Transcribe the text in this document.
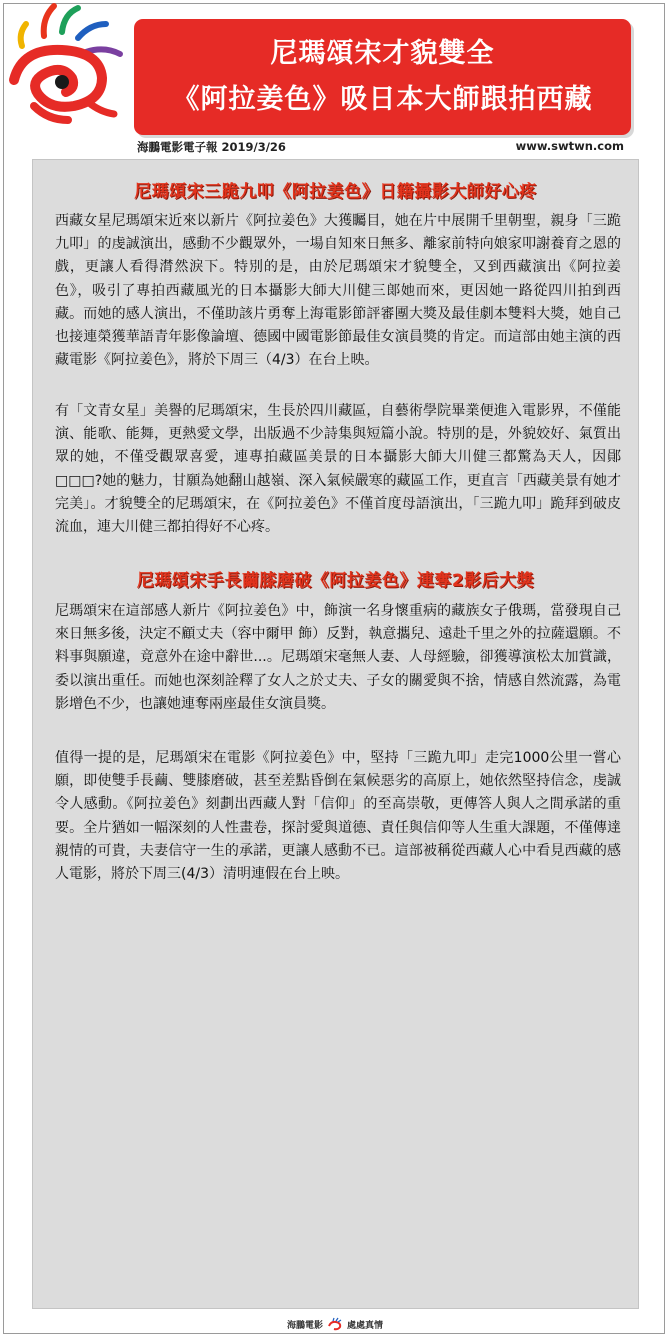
尼瑪頌宋才貌雙全
《阿拉姜色》吸日本大師跟拍西藏
海鵬電影電子報 2019/3/26	www.swtwn.com
尼瑪頌宋三跪九叩《阿拉姜色》日籍攝影大師好心疼

西藏女星尼瑪頌宋近來以新片《阿拉姜色》大獲矚目，她在片中展開千里朝聖，親身「三跪九叩」的虔誠演出，感動不少觀眾外，一場自知來日無多、離家前特向娘家叩謝養育之恩的戲，更讓人看得潸然淚下。特別的是，由於尼瑪頌宋才貌雙全，又到西藏演出《阿拉姜色》，吸引了專拍西藏風光的日本攝影大師大川健三郞她而來，更因她一路從四川拍到西藏。而她的感人演出，不僅助該片勇奪上海電影節評審團大獎及最佳劇本雙料大獎，她自己也接連榮獲華語青年影像論壇、德國中國電影節最佳女演員獎的肯定。而這部由她主演的西藏電影《阿拉姜色》，將於下周三（4/3）在台上映。

有「文青女星」美譽的尼瑪頌宋，生長於四川藏區，自藝術學院畢業便進入電影界，不僅能演、能歌、能舞，更熱愛文學，出版過不少詩集與短篇小說。特別的是，外貌姣好、氣質出眾的她，不僅受觀眾喜愛，連專拍藏區美景的日本攝影大師大川健三都驚為天人，因鄖□□□?她的魅力，甘願為她翻山越嶺、深入氣候嚴寒的藏區工作，更直言「西藏美景有她才完美」。才貌雙全的尼瑪頌宋，在《阿拉姜色》不僅首度母語演出，「三跪九叩」跪拜到破皮流血，連大川健三都拍得好不心疼。

尼瑪頌宋手長繭膝磨破《阿拉姜色》連奪2影后大獎

尼瑪頌宋在這部感人新片《阿拉姜色》中，飾演一名身懷重病的藏族女子俄瑪，當發現自己來日無多後，決定不顧丈夫（容中爾甲 飾）反對，執意攜兒、遠赴千里之外的拉薩還願。不料事與願違，竟意外在途中辭世...。尼瑪頌宋毫無人妻、人母經驗，卻獲導演松太加賞識，委以演出重任。而她也深刻詮釋了女人之於丈夫、子女的關愛與不捨，情感自然流露，為電影增色不少，也讓她連奪兩座最佳女演員獎。

值得一提的是，尼瑪頌宋在電影《阿拉姜色》中，堅持「三跪九叩」走完1000公里一嘗心願，即使雙手長繭、雙膝磨破，甚至差點昏倒在氣候惡劣的高原上，她依然堅持信念，虔誠令人感動。《阿拉姜色》刻劃出西藏人對「信仰」的至高崇敬，更傳答人與人之間承諾的重要。全片猶如一幅深刻的人性畫卷，探討愛與道德、責任與信仰等人生重大課題，不僅傳達親情的可貴，夫妻信守一生的承諾，更讓人感動不已。這部被稱從西藏人心中看見西藏的感人電影，將於下周三(4/3）清明連假在台上映。

海鵬電影	處處真情
